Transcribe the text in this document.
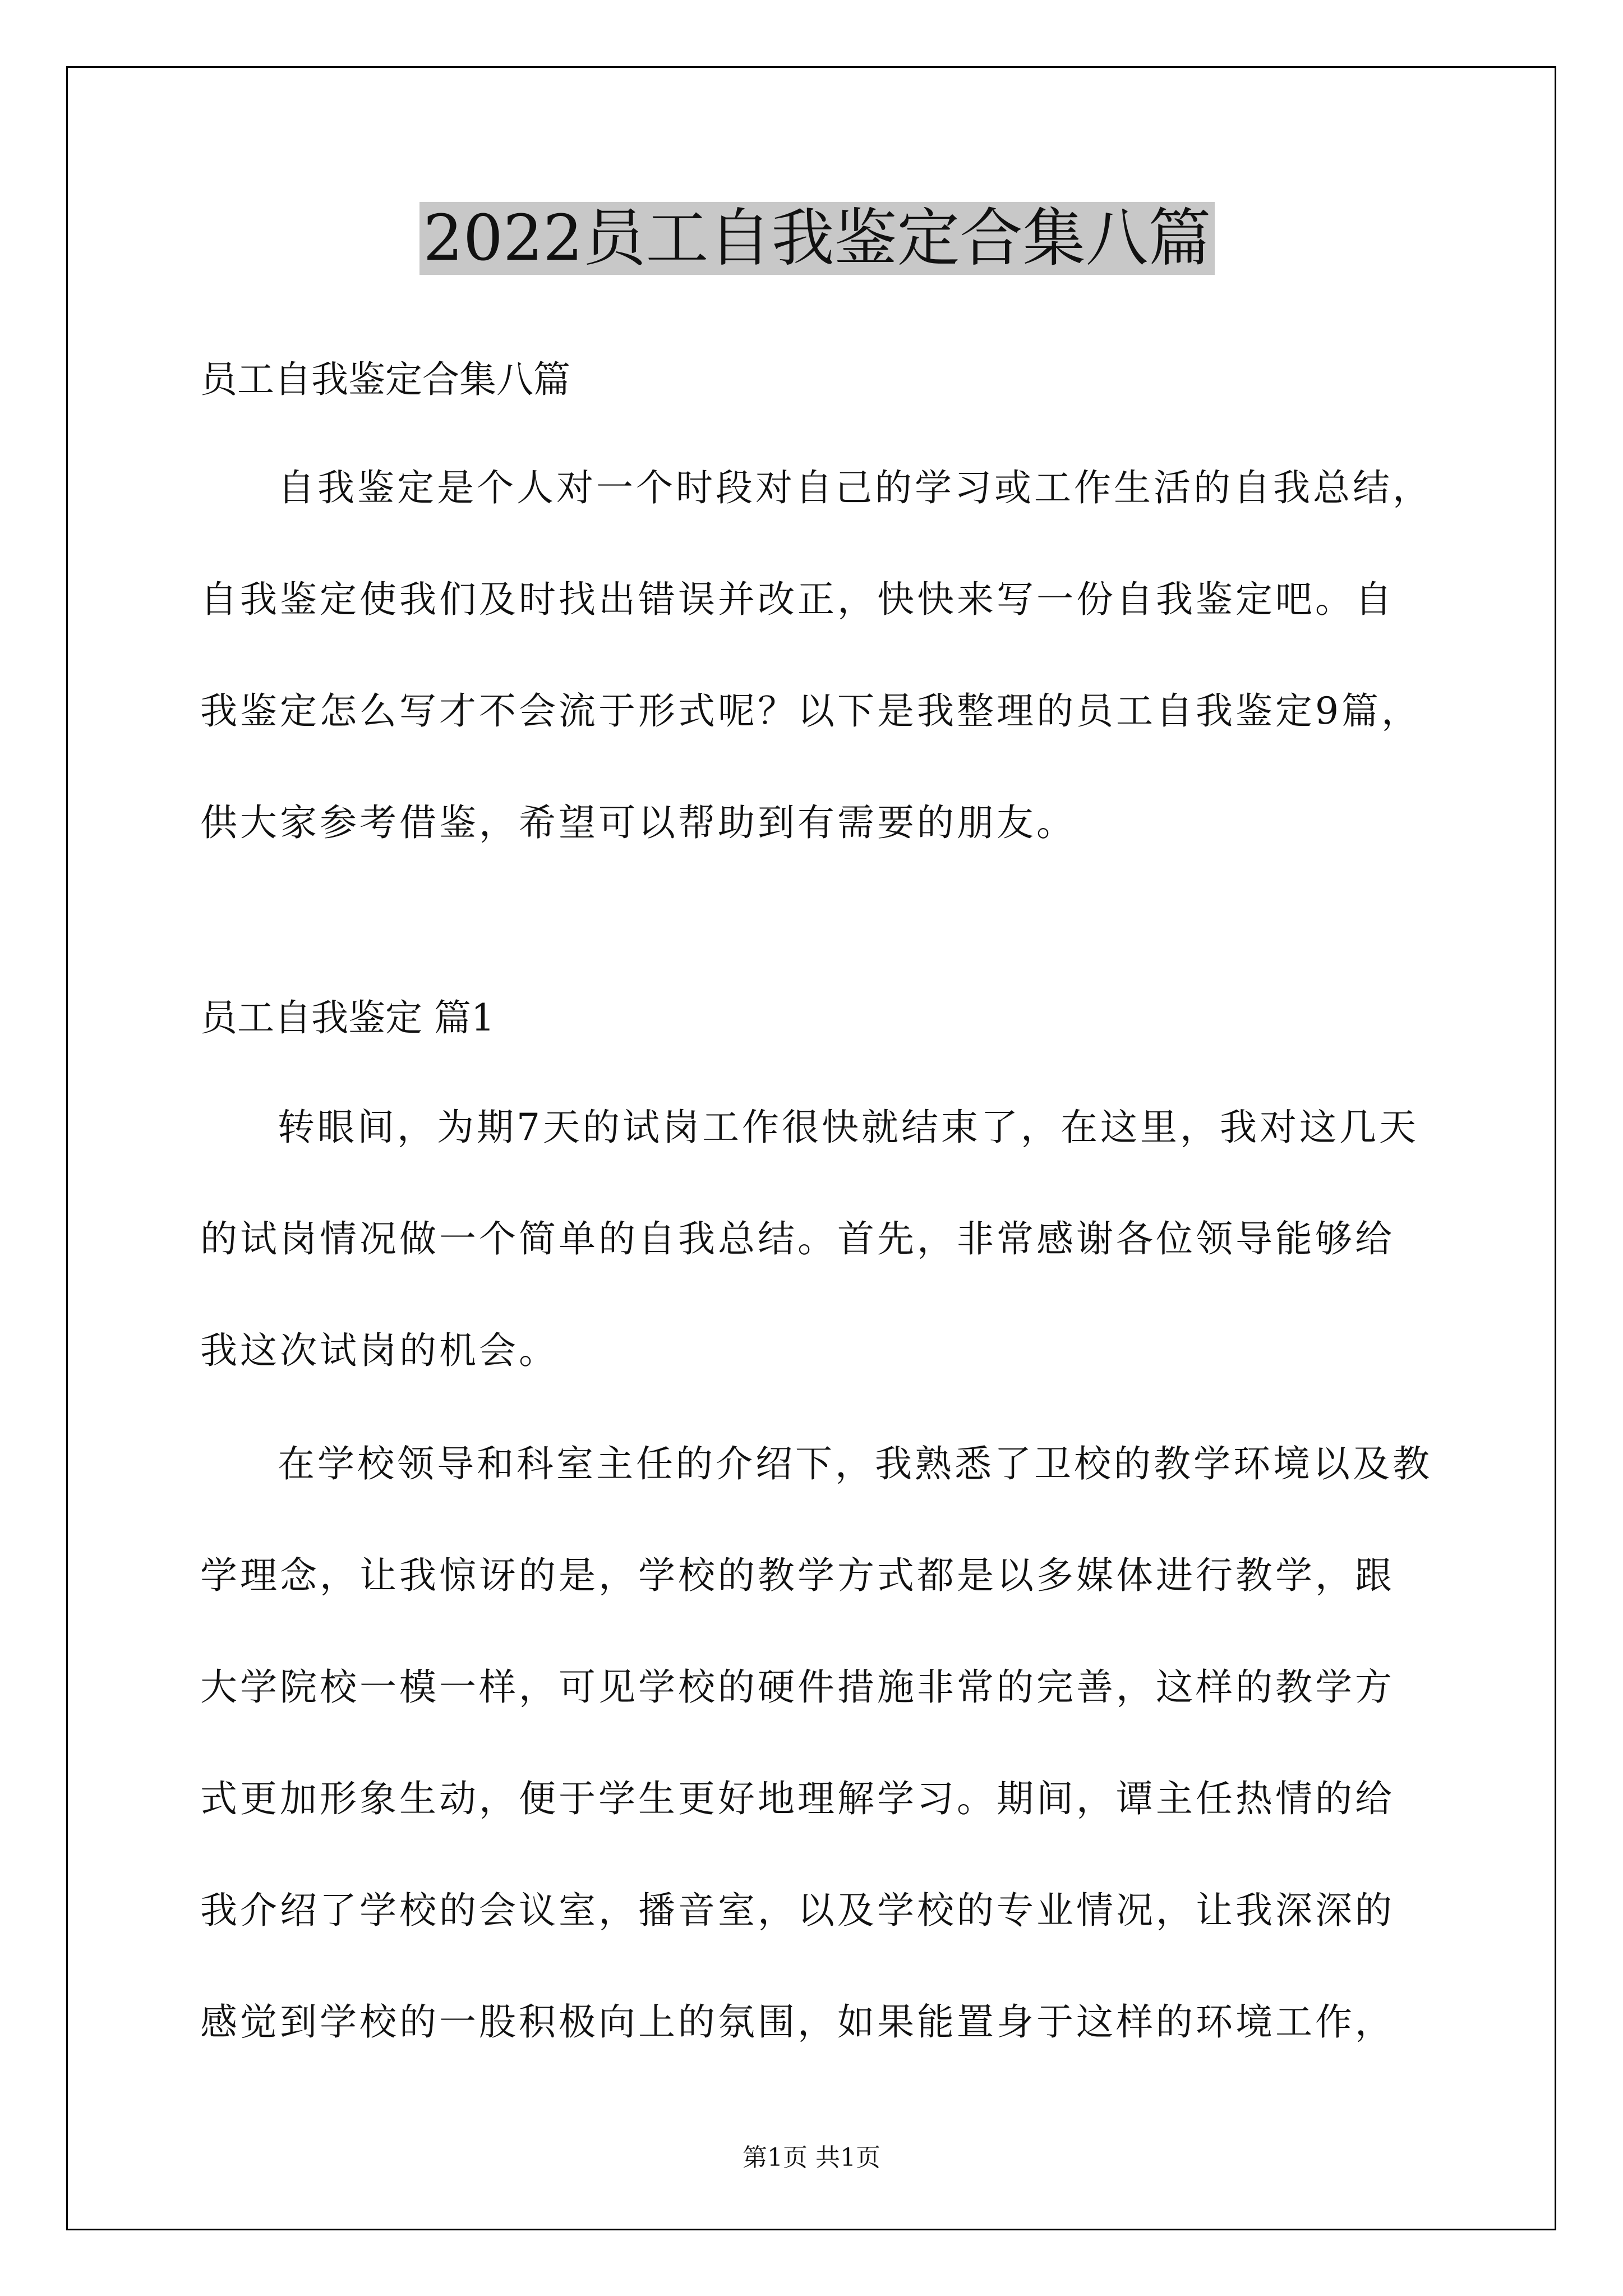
2022员工自我鉴定合集八篇
员工自我鉴定合集八篇

自我鉴定是个人对一个时段对自己的学习或工作生活的自我总结，自我鉴定使我们及时找出错误并改正，快快来写一份自我鉴定吧。自我鉴定怎么写才不会流于形式呢？以下是我整理的员工自我鉴定9篇，供大家参考借鉴，希望可以帮助到有需要的朋友。

员工自我鉴定 篇1

转眼间，为期7天的试岗工作很快就结束了，在这里，我对这几天的试岗情况做一个简单的自我总结。首先，非常感谢各位领导能够给我这次试岗的机会。

在学校领导和科室主任的介绍下，我熟悉了卫校的教学环境以及教学理念，让我惊讶的是，学校的教学方式都是以多媒体进行教学，跟大学院校一模一样，可见学校的硬件措施非常的完善，这样的教学方式更加形象生动，便于学生更好地理解学习。期间，谭主任热情的给我介绍了学校的会议室，播音室，以及学校的专业情况，让我深深的感觉到学校的一股积极向上的氛围，如果能置身于这样的环境工作，

第1页 共1页
